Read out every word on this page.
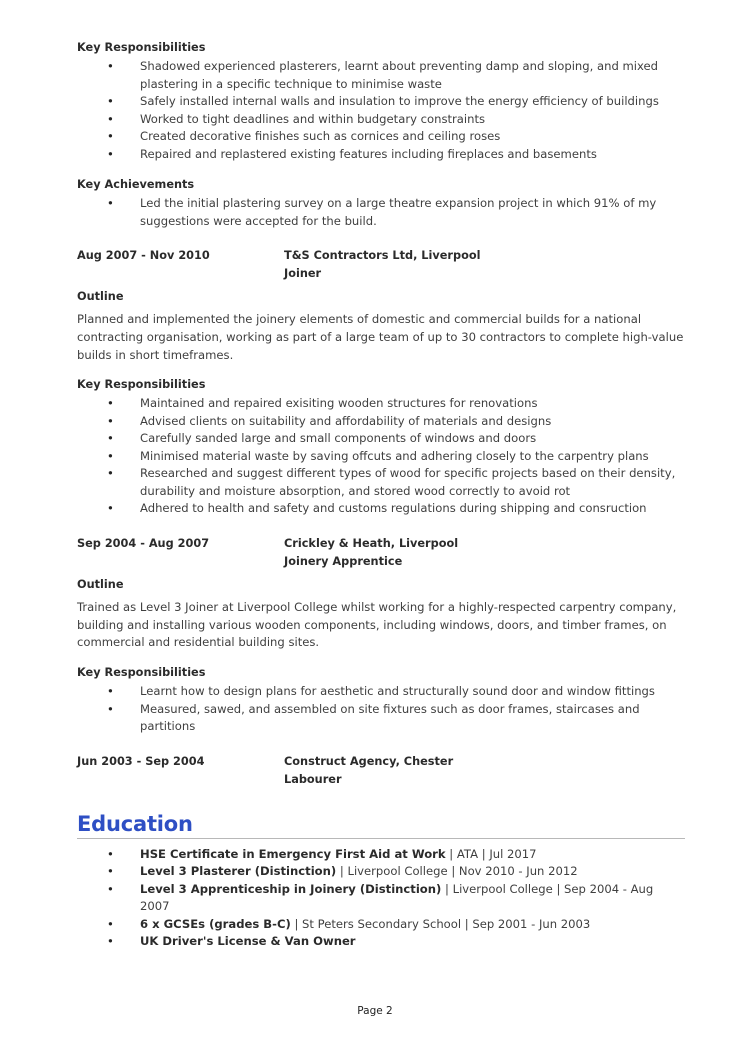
Key Responsibilities

• Shadowed experienced plasterers, learnt about preventing damp and sloping, and mixed plastering in a specific technique to minimise waste
• Safely installed internal walls and insulation to improve the energy efficiency of buildings
• Worked to tight deadlines and within budgetary constraints
• Created decorative finishes such as cornices and ceiling roses
• Repaired and replastered existing features including fireplaces and basements

Key Achievements

• Led the initial plastering survey on a large theatre expansion project in which 91% of my suggestions were accepted for the build.
Aug 2007 - Nov 2010	T&S Contractors Ltd, Liverpool
Joiner

Outline

Planned and implemented the joinery elements of domestic and commercial builds for a national contracting organisation, working as part of a large team of up to 30 contractors to complete high-value builds in short timeframes.

Key Responsibilities

• Maintained and repaired exisiting wooden structures for renovations
• Advised clients on suitability and affordability of materials and designs
• Carefully sanded large and small components of windows and doors
• Minimised material waste by saving offcuts and adhering closely to the carpentry plans
• Researched and suggest different types of wood for specific projects based on their density, durability and moisture absorption, and stored wood correctly to avoid rot
• Adhered to health and safety and customs regulations during shipping and consruction
Sep 2004 - Aug 2007	Crickley & Heath, Liverpool
Joinery Apprentice

Outline

Trained as Level 3 Joiner at Liverpool College whilst working for a highly-respected carpentry company, building and installing various wooden components, including windows, doors, and timber frames, on commercial and residential building sites.

Key Responsibilities

• Learnt how to design plans for aesthetic and structurally sound door and window fittings
• Measured, sawed, and assembled on site fixtures such as door frames, staircases and partitions
Jun 2003 - Sep 2004	Construct Agency, Chester
Labourer
Education
• HSE Certificate in Emergency First Aid at Work | ATA | Jul 2017
• Level 3 Plasterer (Distinction) | Liverpool College | Nov 2010 - Jun 2012
• Level 3 Apprenticeship in Joinery (Distinction) | Liverpool College | Sep 2004 - Aug 2007
• 6 x GCSEs (grades B-C) | St Peters Secondary School | Sep 2001 - Jun 2003
• UK Driver's License & Van Owner
Page 2
